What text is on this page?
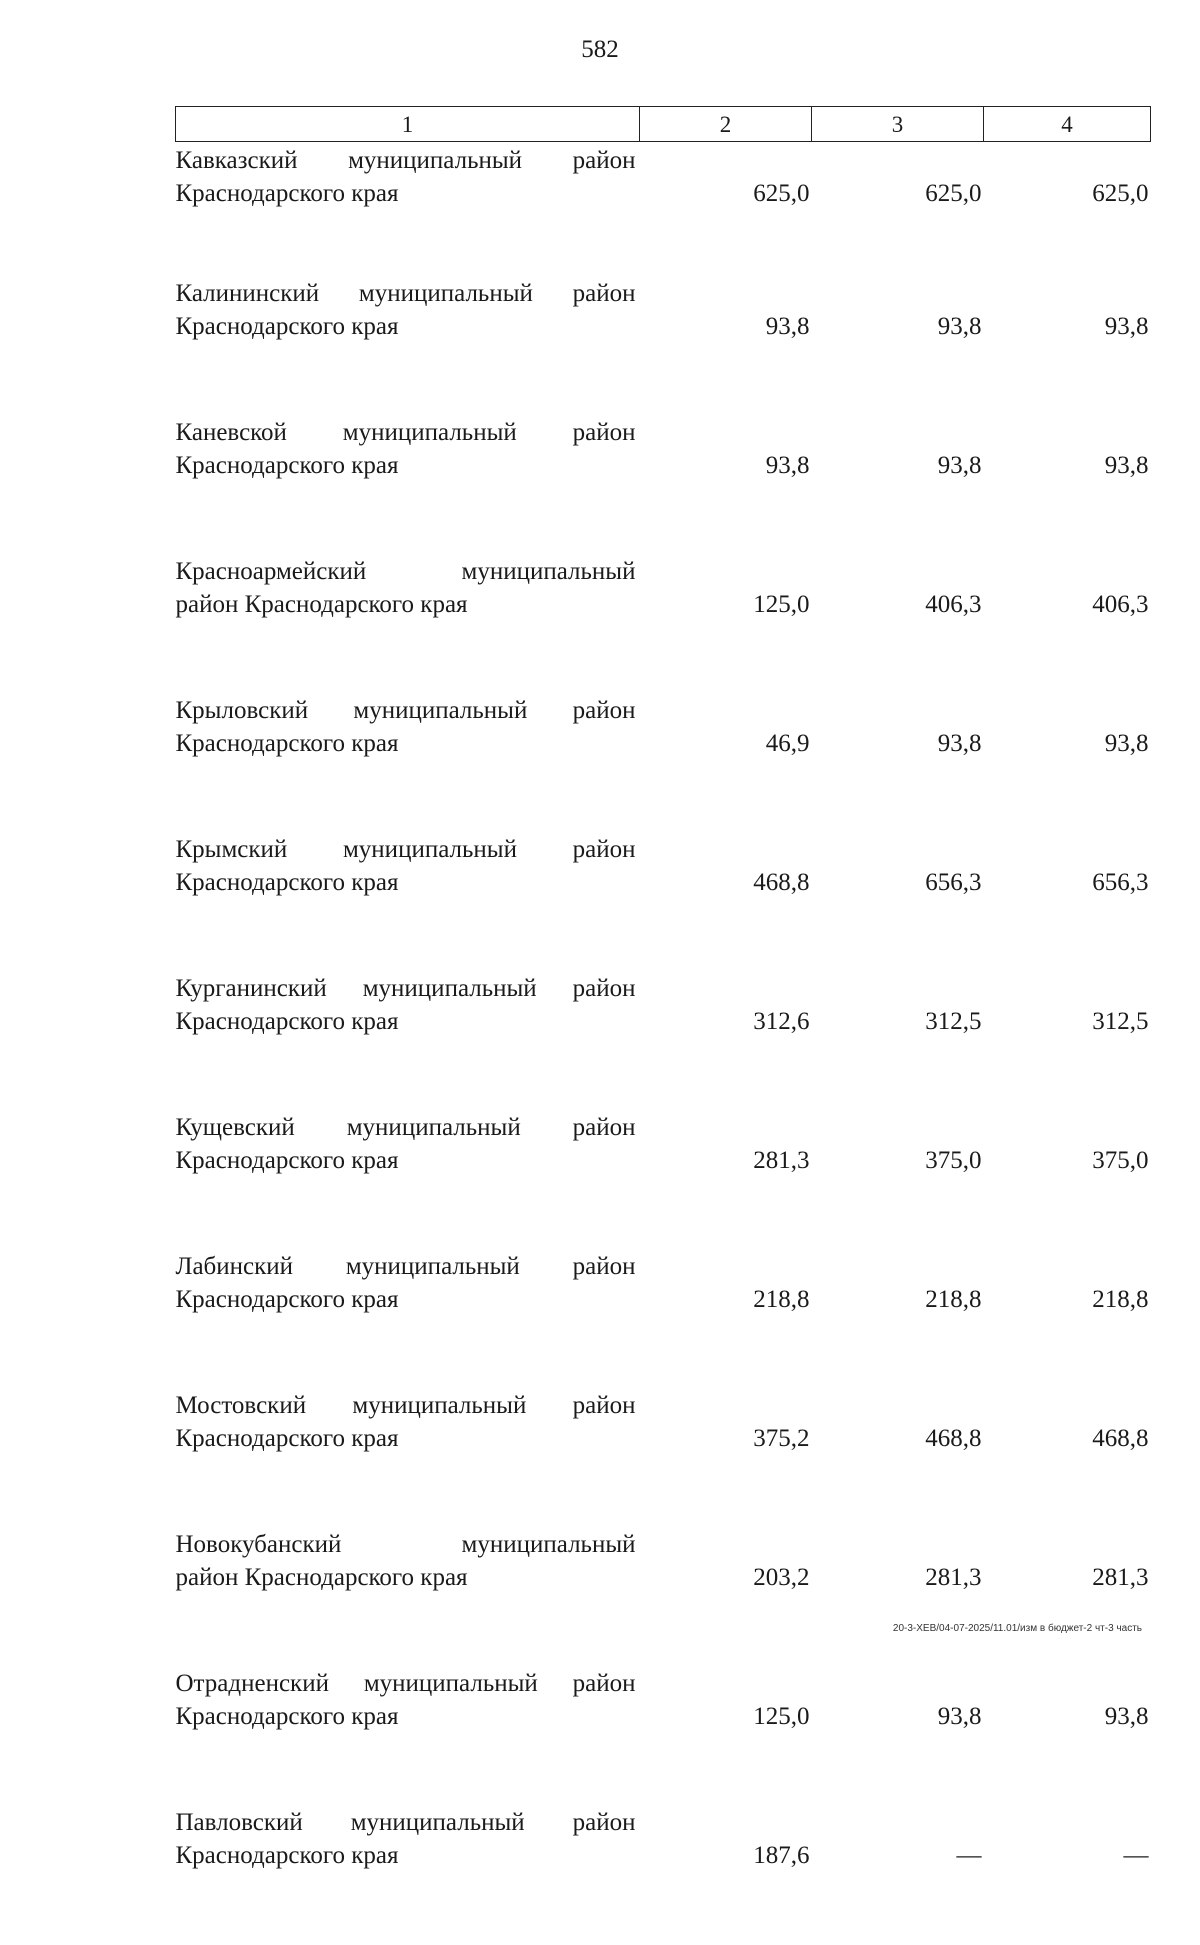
582
1	2	3	4

Кавказский муниципальный район
Краснодарского края	625,0	625,0	625,0

Калининский муниципальный район
Краснодарского края	93,8	93,8	93,8

Каневской муниципальный район
Краснодарского края	93,8	93,8	93,8

Красноармейский муниципальный
район Краснодарского края	125,0	406,3	406,3

Крыловский муниципальный район
Краснодарского края	46,9	93,8	93,8

Крымский муниципальный район
Краснодарского края	468,8	656,3	656,3

Курганинский муниципальный район
Краснодарского края	312,6	312,5	312,5

Кущевский муниципальный район
Краснодарского края	281,3	375,0	375,0

Лабинский муниципальный район
Краснодарского края	218,8	218,8	218,8

Мостовский муниципальный район
Краснодарского края	375,2	468,8	468,8

Новокубанский муниципальный
район Краснодарского края	203,2	281,3	281,3

Отрадненский муниципальный район
Краснодарского края	125,0	93,8	93,8

Павловский муниципальный район
Краснодарского края	187,6	—	—
20-3-ХЕВ/04-07-2025/11.01/изм в бюджет-2 чт-3 часть
